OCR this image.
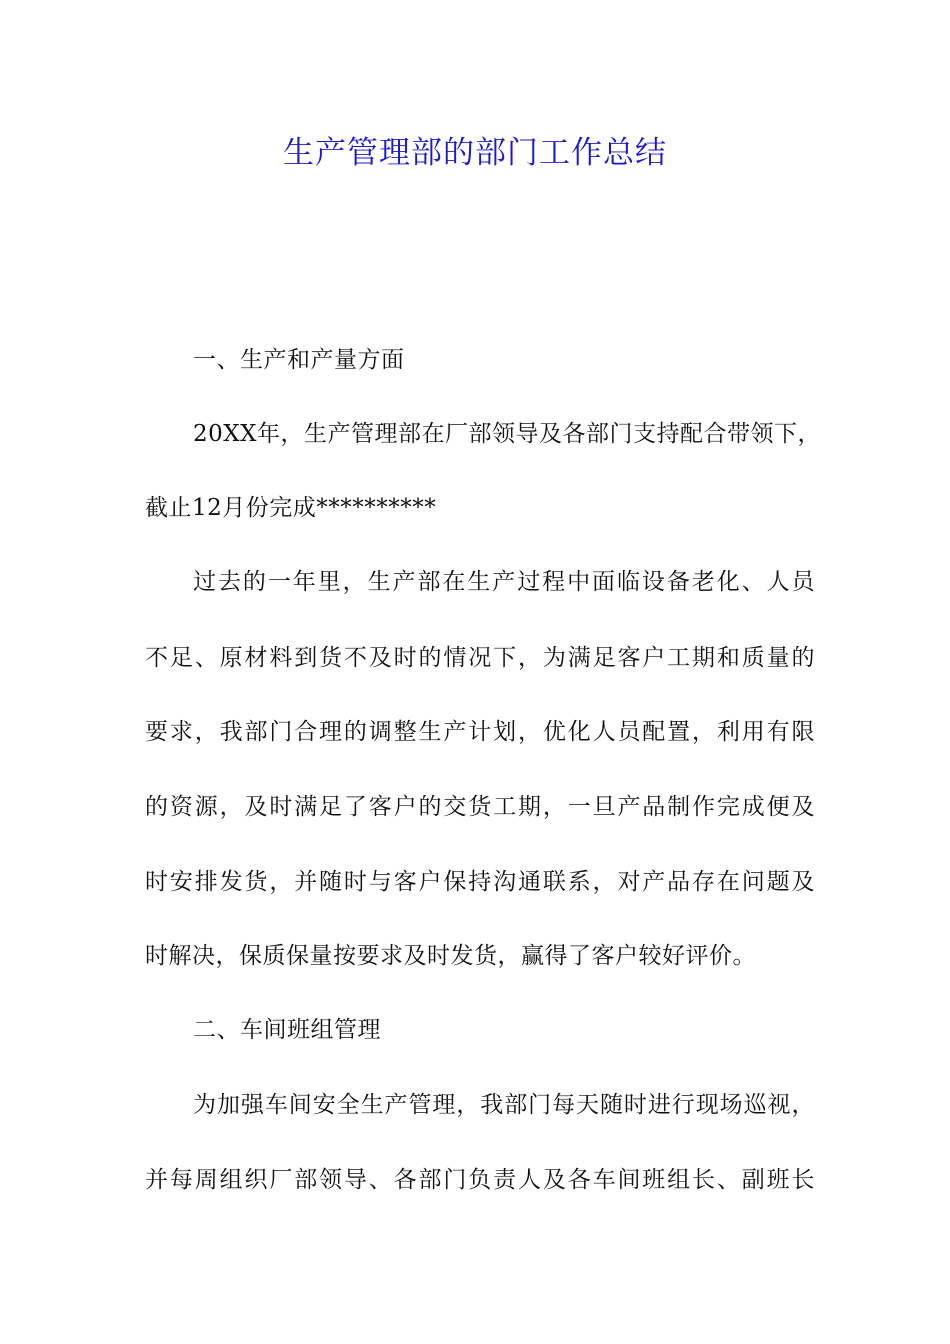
生产管理部的部门工作总结
一、生产和产量方面
20XX年，生产管理部在厂部领导及各部门支持配合带领下，
截止12月份完成**********
过去的一年里，生产部在生产过程中面临设备老化、人员
不足、原材料到货不及时的情况下，为满足客户工期和质量的
要求，我部门合理的调整生产计划，优化人员配置，利用有限
的资源，及时满足了客户的交货工期，一旦产品制作完成便及
时安排发货，并随时与客户保持沟通联系，对产品存在问题及
时解决，保质保量按要求及时发货，赢得了客户较好评价。
二、车间班组管理
为加强车间安全生产管理，我部门每天随时进行现场巡视，
并每周组织厂部领导、各部门负责人及各车间班组长、副班长
